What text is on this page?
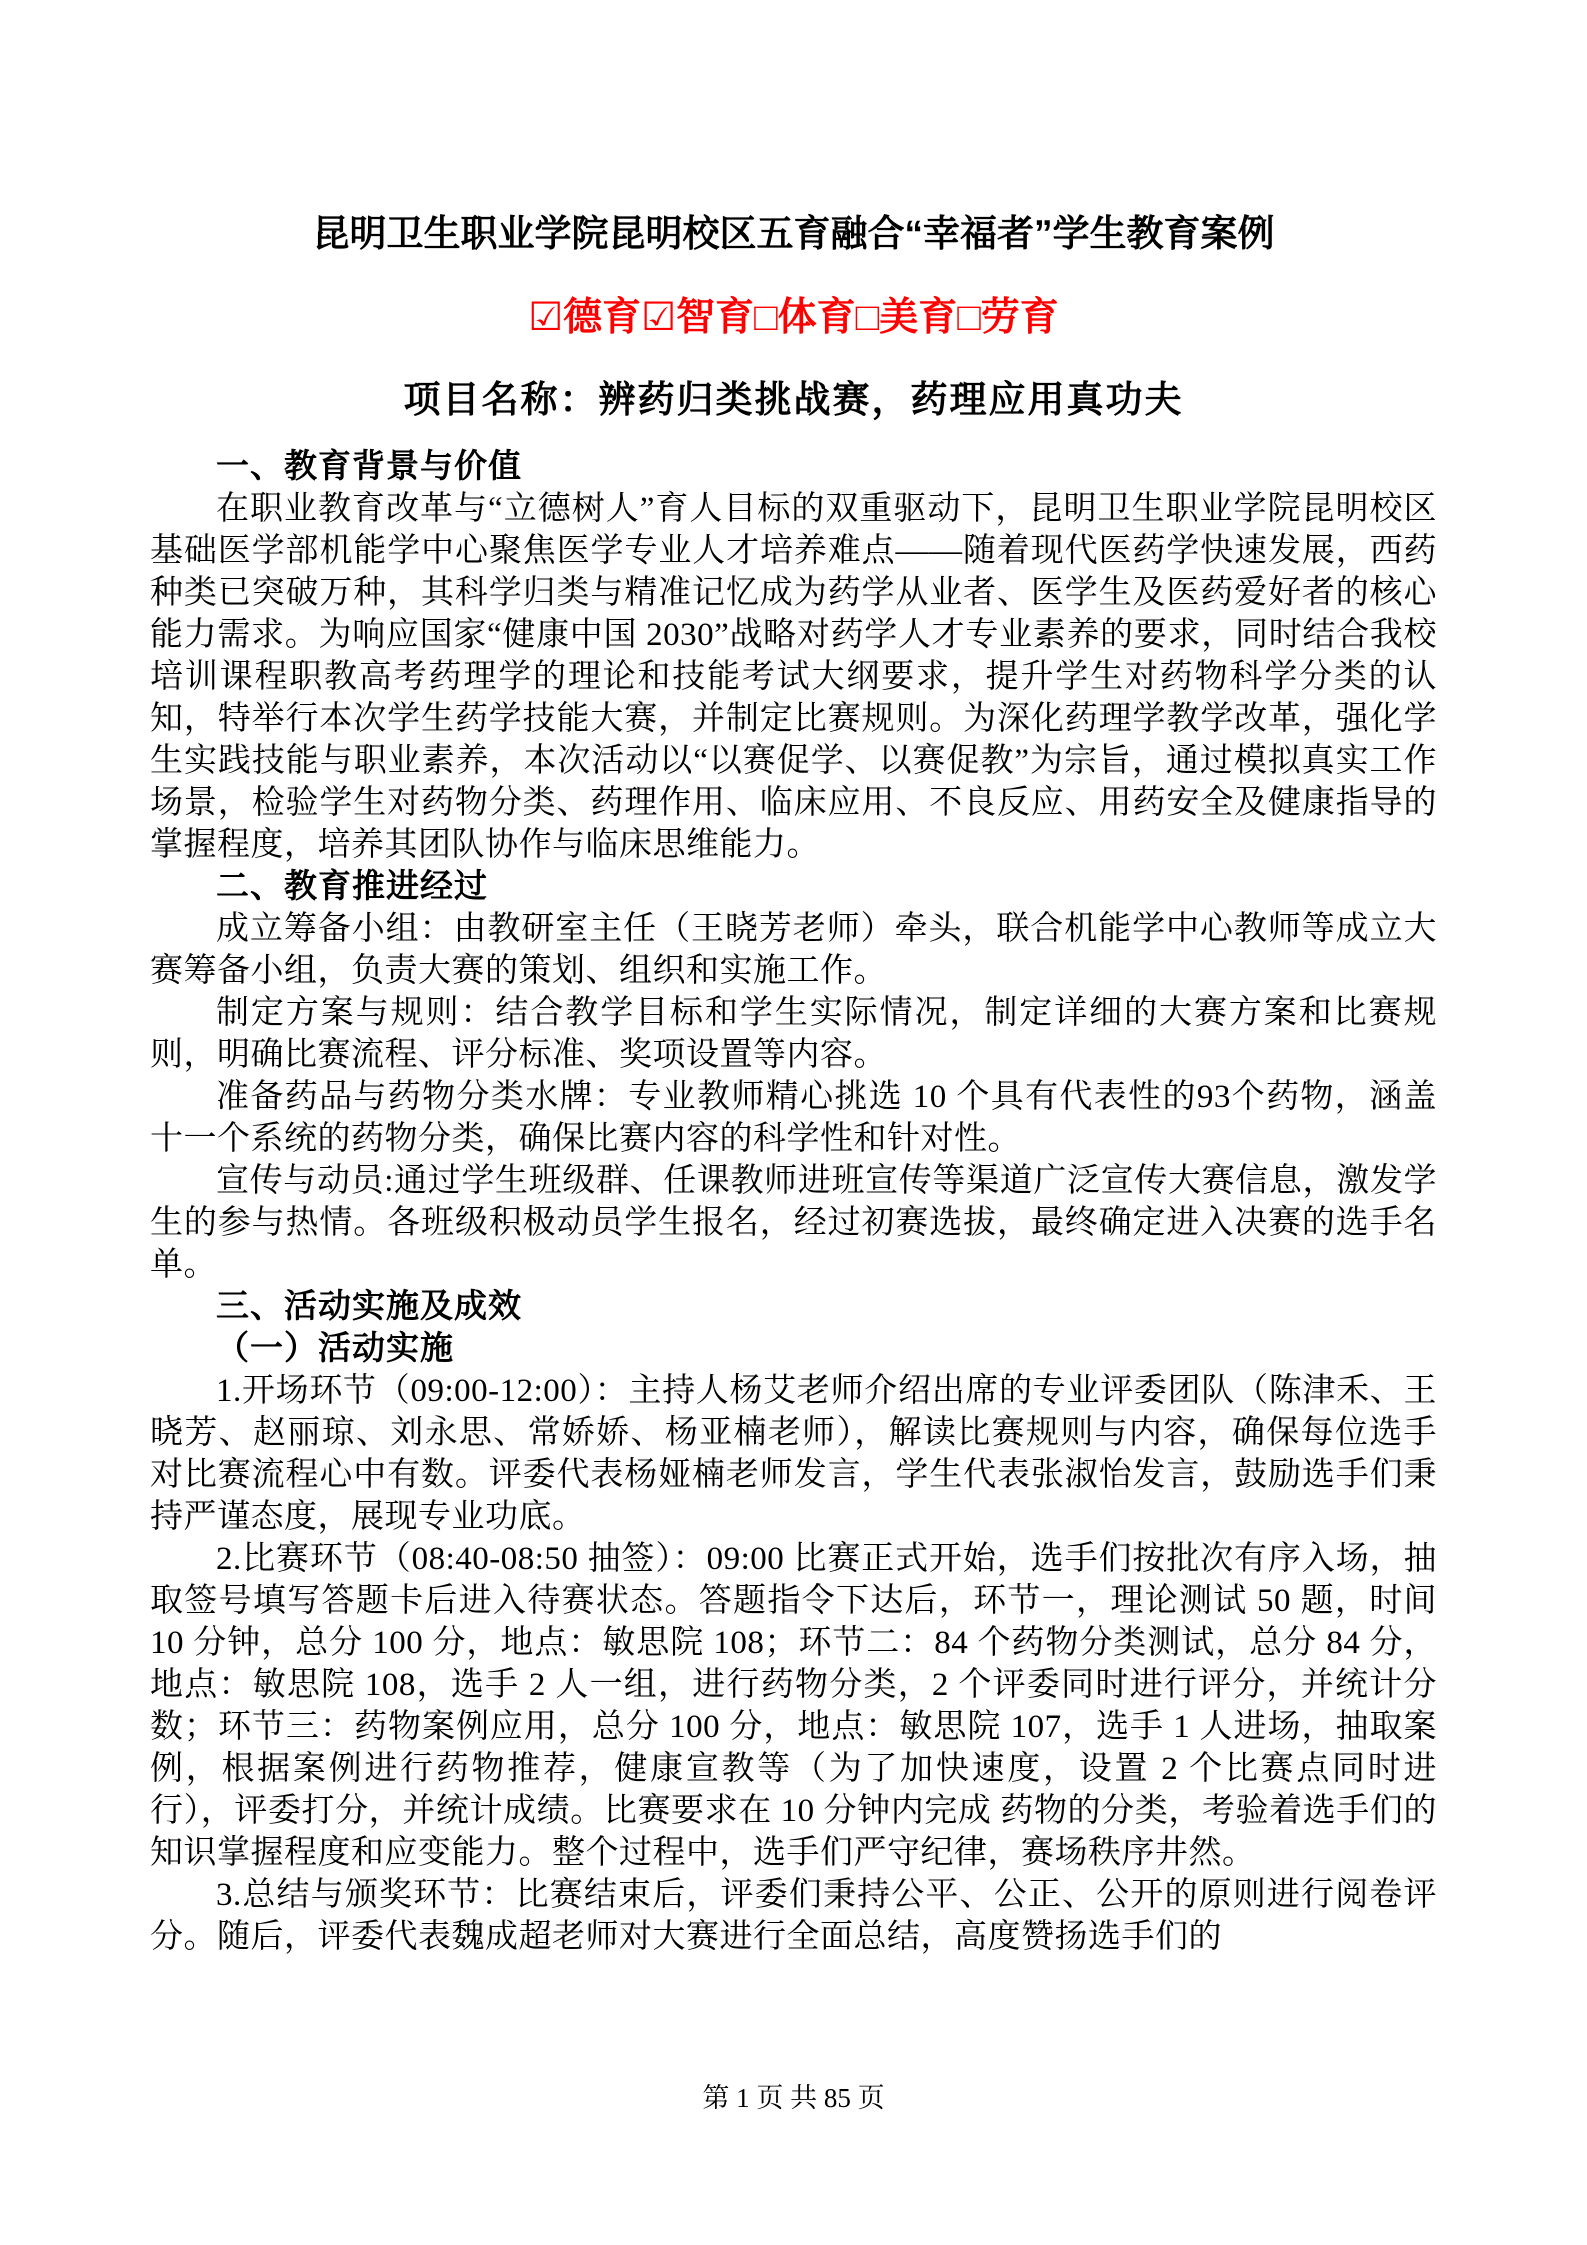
昆明卫生职业学院昆明校区五育融合“幸福者”学生教育案例
☑德育☑智育□体育□美育□劳育
项目名称：辨药归类挑战赛，药理应用真功夫
一、教育背景与价值

在职业教育改革与“立德树人”育人目标的双重驱动下，昆明卫生职业学院昆明校区基础医学部机能学中心聚焦医学专业人才培养难点——随着现代医药学快速发展，西药种类已突破万种，其科学归类与精准记忆成为药学从业者、医学生及医药爱好者的核心能力需求。为响应国家“健康中国 2030”战略对药学人才专业素养的要求，同时结合我校培训课程职教高考药理学的理论和技能考试大纲要求，提升学生对药物科学分类的认知，特举行本次学生药学技能大赛，并制定比赛规则。为深化药理学教学改革，强化学生实践技能与职业素养，本次活动以“以赛促学、以赛促教”为宗旨，通过模拟真实工作场景，检验学生对药物分类、药理作用、临床应用、不良反应、用药安全及健康指导的掌握程度，培养其团队协作与临床思维能力。

二、教育推进经过

成立筹备小组：由教研室主任（王晓芳老师）牵头，联合机能学中心教师等成立大赛筹备小组，负责大赛的策划、组织和实施工作。

制定方案与规则：结合教学目标和学生实际情况，制定详细的大赛方案和比赛规则，明确比赛流程、评分标准、奖项设置等内容。

准备药品与药物分类水牌：专业教师精心挑选 10 个具有代表性的93个药物，涵盖十一个系统的药物分类，确保比赛内容的科学性和针对性。

宣传与动员:通过学生班级群、任课教师进班宣传等渠道广泛宣传大赛信息，激发学生的参与热情。各班级积极动员学生报名，经过初赛选拔，最终确定进入决赛的选手名单。

三、活动实施及成效
（一）活动实施

1.开场环节（09:00-12:00）：主持人杨艾老师介绍出席的专业评委团队（陈津禾、王晓芳、赵丽琼、刘永思、常娇娇、杨亚楠老师），解读比赛规则与内容，确保每位选手对比赛流程心中有数。评委代表杨娅楠老师发言，学生代表张淑怡发言，鼓励选手们秉持严谨态度，展现专业功底。

2.比赛环节（08:40-08:50 抽签）：09:00 比赛正式开始，选手们按批次有序入场，抽取签号填写答题卡后进入待赛状态。答题指令下达后，环节一，理论测试 50 题，时间 10 分钟，总分 100 分，地点：敏思院 108；环节二：84 个药物分类测试，总分 84 分，地点：敏思院 108，选手 2 人一组，进行药物分类，2 个评委同时进行评分，并统计分数；环节三：药物案例应用，总分 100 分，地点：敏思院 107，选手 1 人进场，抽取案例，根据案例进行药物推荐，健康宣教等（为了加快速度，设置 2 个比赛点同时进行），评委打分，并统计成绩。比赛要求在 10 分钟内完成 药物的分类，考验着选手们的知识掌握程度和应变能力。整个过程中，选手们严守纪律，赛场秩序井然。

3.总结与颁奖环节：比赛结束后，评委们秉持公平、公正、公开的原则进行阅卷评分。随后，评委代表魏成超老师对大赛进行全面总结，高度赞扬选手们的

第 1 页 共 85 页
